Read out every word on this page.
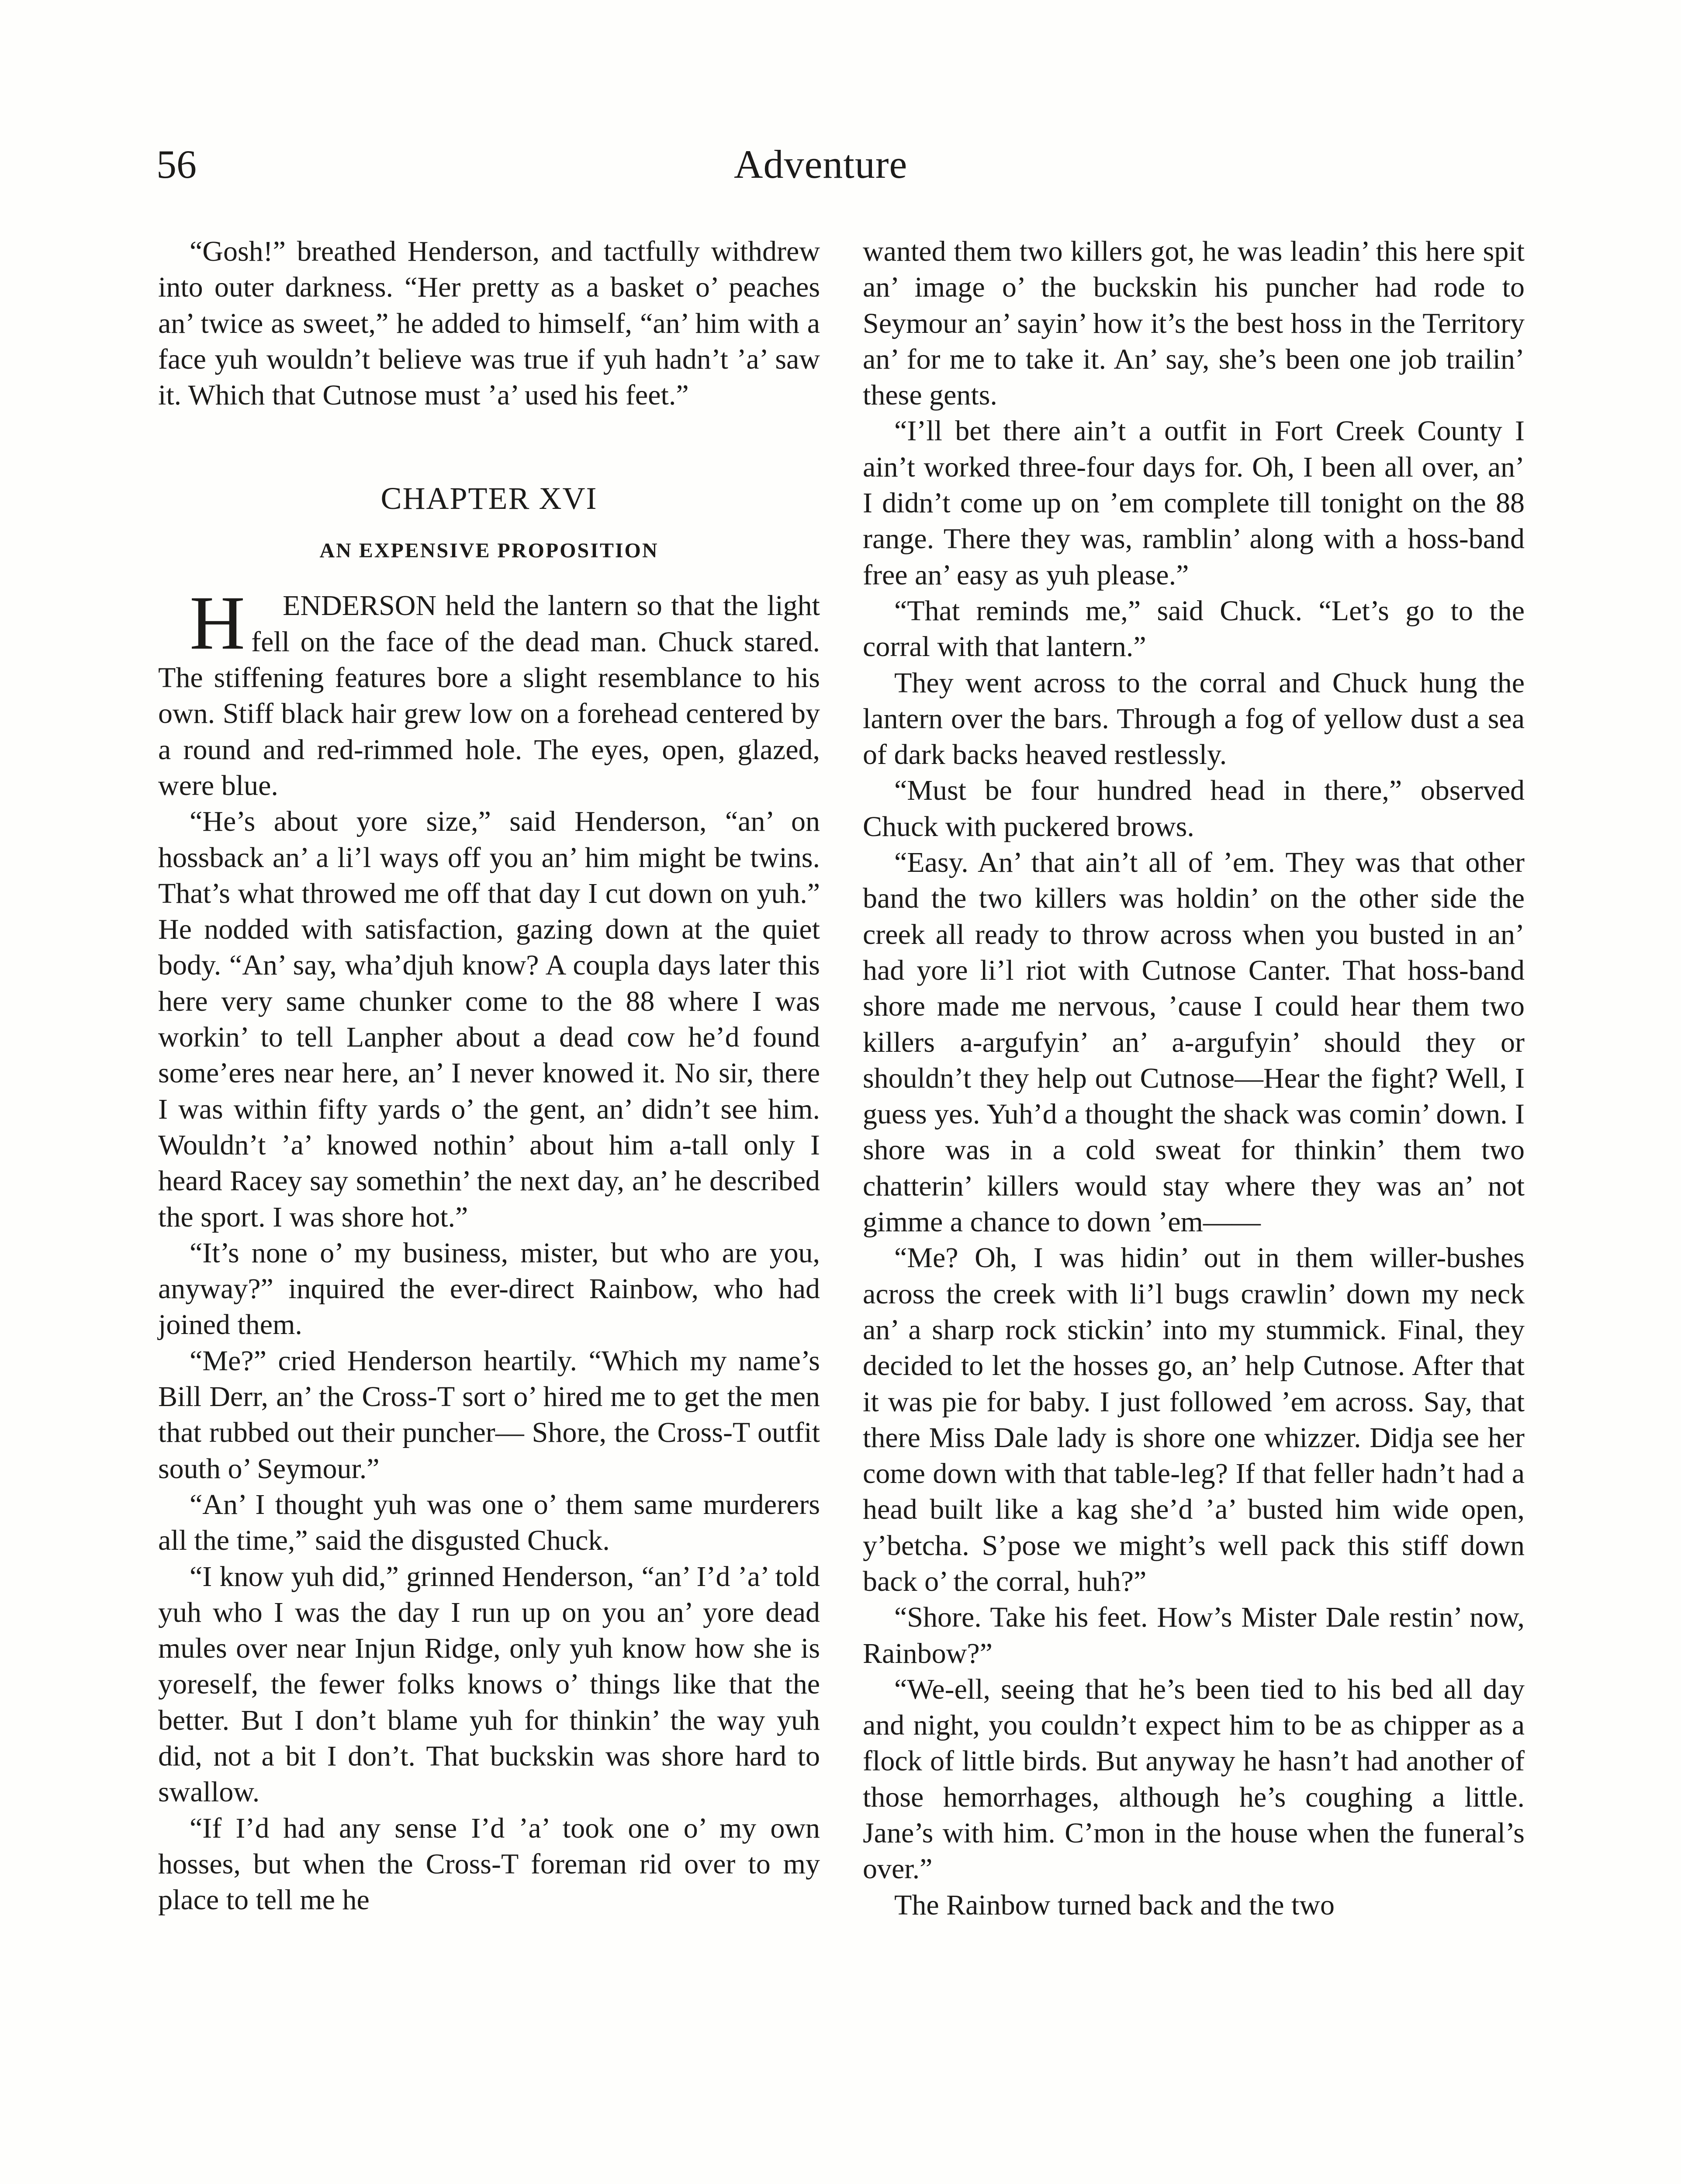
56	Adventure

“Gosh!” breathed Henderson, and tactfully withdrew into outer darkness. “Her pretty as a basket o’ peaches an’ twice as sweet,” he added to himself, “an’ him with a face yuh wouldn’t believe was true if yuh hadn’t ’a’ saw it. Which that Cutnose must ’a’ used his feet.”

CHAPTER XVI
AN EXPENSIVE PROPOSITION

H ENDERSON held the lantern so that the light fell on the face of the dead man. Chuck stared. The stiffening features bore a slight resemblance to his own. Stiff black hair grew low on a forehead centered by a round and red-rimmed hole. The eyes, open, glazed, were blue.

“He’s about yore size,” said Henderson, “an’ on hossback an’ a li’l ways off you an’ him might be twins. That’s what throwed me off that day I cut down on yuh.” He nodded with satisfaction, gazing down at the quiet body. “An’ say, wha’djuh know? A coupla days later this here very same chunker come to the 88 where I was workin’ to tell Lanpher about a dead cow he’d found some’eres near here, an’ I never knowed it. No sir, there I was within fifty yards o’ the gent, an’ didn’t see him. Wouldn’t ’a’ knowed nothin’ about him a-tall only I heard Racey say somethin’ the next day, an’ he described the sport. I was shore hot.”

“It’s none o’ my business, mister, but who are you, anyway?” inquired the ever-direct Rainbow, who had joined them.

“Me?” cried Henderson heartily. “Which my name’s Bill Derr, an’ the Cross-T sort o’ hired me to get the men that rubbed out their puncher— Shore, the Cross-T outfit south o’ Seymour.”

“An’ I thought yuh was one o’ them same murderers all the time,” said the disgusted Chuck.

“I know yuh did,” grinned Henderson, “an’ I’d ’a’ told yuh who I was the day I run up on you an’ yore dead mules over near Injun Ridge, only yuh know how she is yoreself, the fewer folks knows o’ things like that the better. But I don’t blame yuh for thinkin’ the way yuh did, not a bit I don’t. That buckskin was shore hard to swallow.

“If I’d had any sense I’d ’a’ took one o’ my own hosses, but when the Cross-T foreman rid over to my place to tell me he

wanted them two killers got, he was leadin’ this here spit an’ image o’ the buckskin his puncher had rode to Seymour an’ sayin’ how it’s the best hoss in the Territory an’ for me to take it. An’ say, she’s been one job trailin’ these gents.

“I’ll bet there ain’t a outfit in Fort Creek County I ain’t worked three-four days for. Oh, I been all over, an’ I didn’t come up on ’em complete till tonight on the 88 range. There they was, ramblin’ along with a hoss-band free an’ easy as yuh please.”

“That reminds me,” said Chuck. “Let’s go to the corral with that lantern.”

They went across to the corral and Chuck hung the lantern over the bars. Through a fog of yellow dust a sea of dark backs heaved restlessly.

“Must be four hundred head in there,” observed Chuck with puckered brows.

“Easy. An’ that ain’t all of ’em. They was that other band the two killers was holdin’ on the other side the creek all ready to throw across when you busted in an’ had yore li’l riot with Cutnose Canter. That hoss-band shore made me nervous, ’cause I could hear them two killers a-argufyin’ an’ a-argufyin’ should they or shouldn’t they help out Cutnose—Hear the fight? Well, I guess yes. Yuh’d a thought the shack was comin’ down. I shore was in a cold sweat for thinkin’ them two chatterin’ killers would stay where they was an’ not gimme a chance to down ’em——

“Me? Oh, I was hidin’ out in them willer-bushes across the creek with li’l bugs crawlin’ down my neck an’ a sharp rock stickin’ into my stummick. Final, they decided to let the hosses go, an’ help Cutnose. After that it was pie for baby. I just followed ’em across. Say, that there Miss Dale lady is shore one whizzer. Didja see her come down with that table-leg? If that feller hadn’t had a head built like a kag she’d ’a’ busted him wide open, y’betcha. S’pose we might’s well pack this stiff down back o’ the corral, huh?”

“Shore. Take his feet. How’s Mister Dale restin’ now, Rainbow?”

“We-ell, seeing that he’s been tied to his bed all day and night, you couldn’t expect him to be as chipper as a flock of little birds. But anyway he hasn’t had another of those hemorrhages, although he’s coughing a little. Jane’s with him. C’mon in the house when the funeral’s over.”

The Rainbow turned back and the two
